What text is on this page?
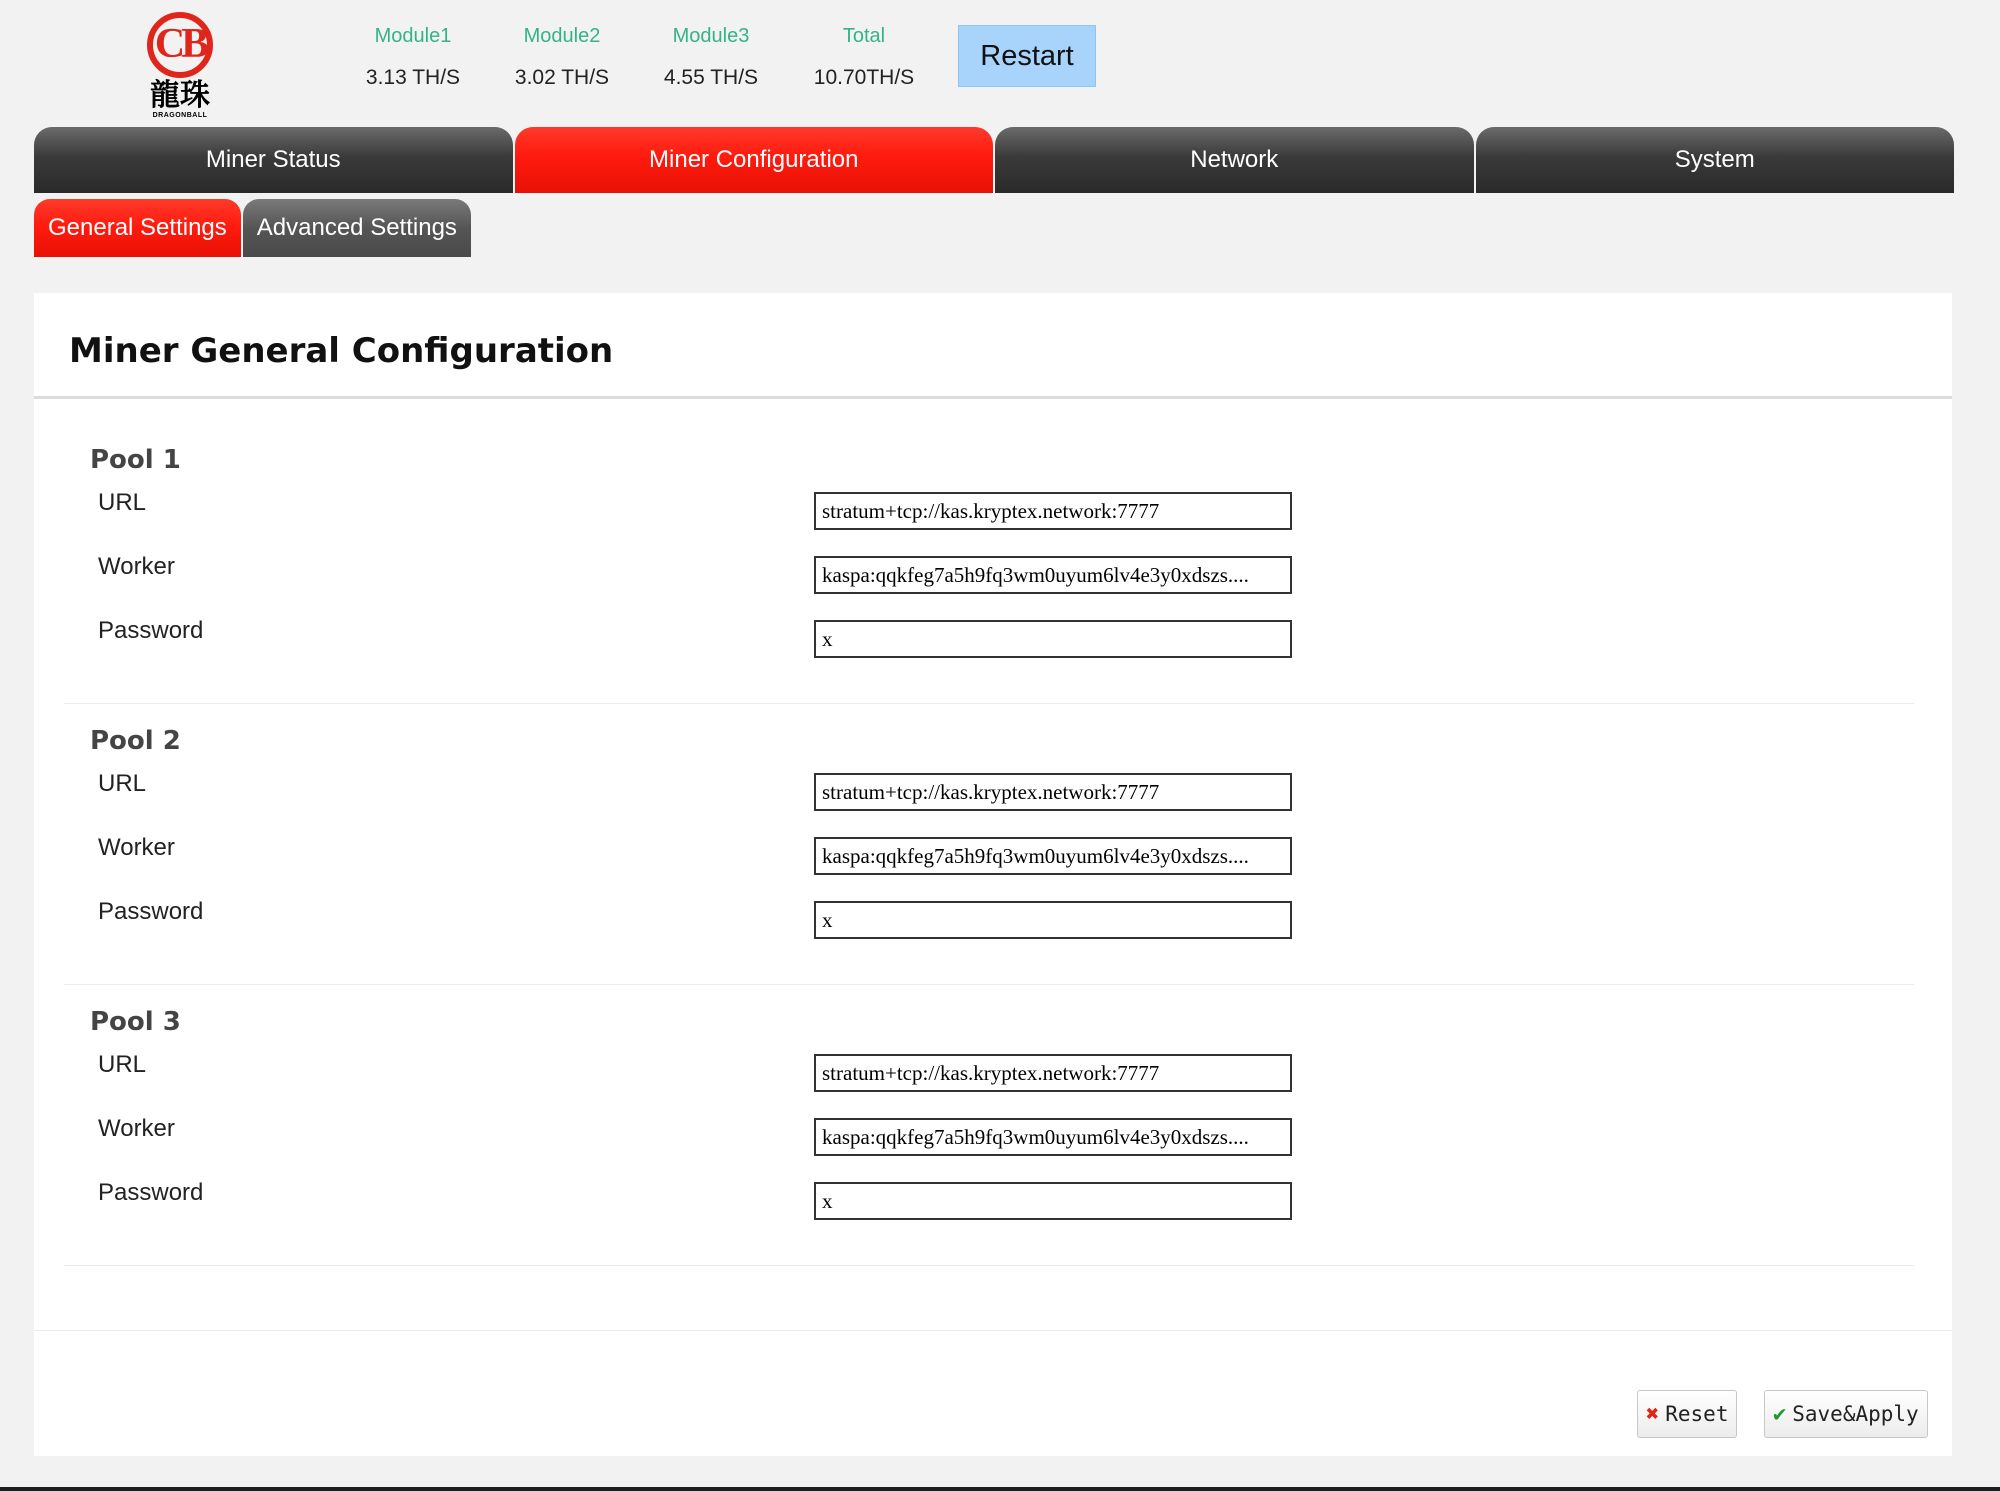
CB
龍珠
DRAGONBALL
Module1
3.13 TH/S
Module2
3.02 TH/S
Module3
4.55 TH/S
Total
10.70TH/S
Restart
Miner Status	Miner Configuration	Network	System
General Settings	Advanced Settings
Miner General Configuration
Pool 1
URL	stratum+tcp://kas.kryptex.network:7777
Worker	kaspa:qqkfeg7a5h9fq3wm0uyum6lv4e3y0xdszs....
Password	x
Pool 2
URL	stratum+tcp://kas.kryptex.network:7777
Worker	kaspa:qqkfeg7a5h9fq3wm0uyum6lv4e3y0xdszs....
Password	x
Pool 3
URL	stratum+tcp://kas.kryptex.network:7777
Worker	kaspa:qqkfeg7a5h9fq3wm0uyum6lv4e3y0xdszs....
Password	x
✖ Reset	✔ Save&Apply
